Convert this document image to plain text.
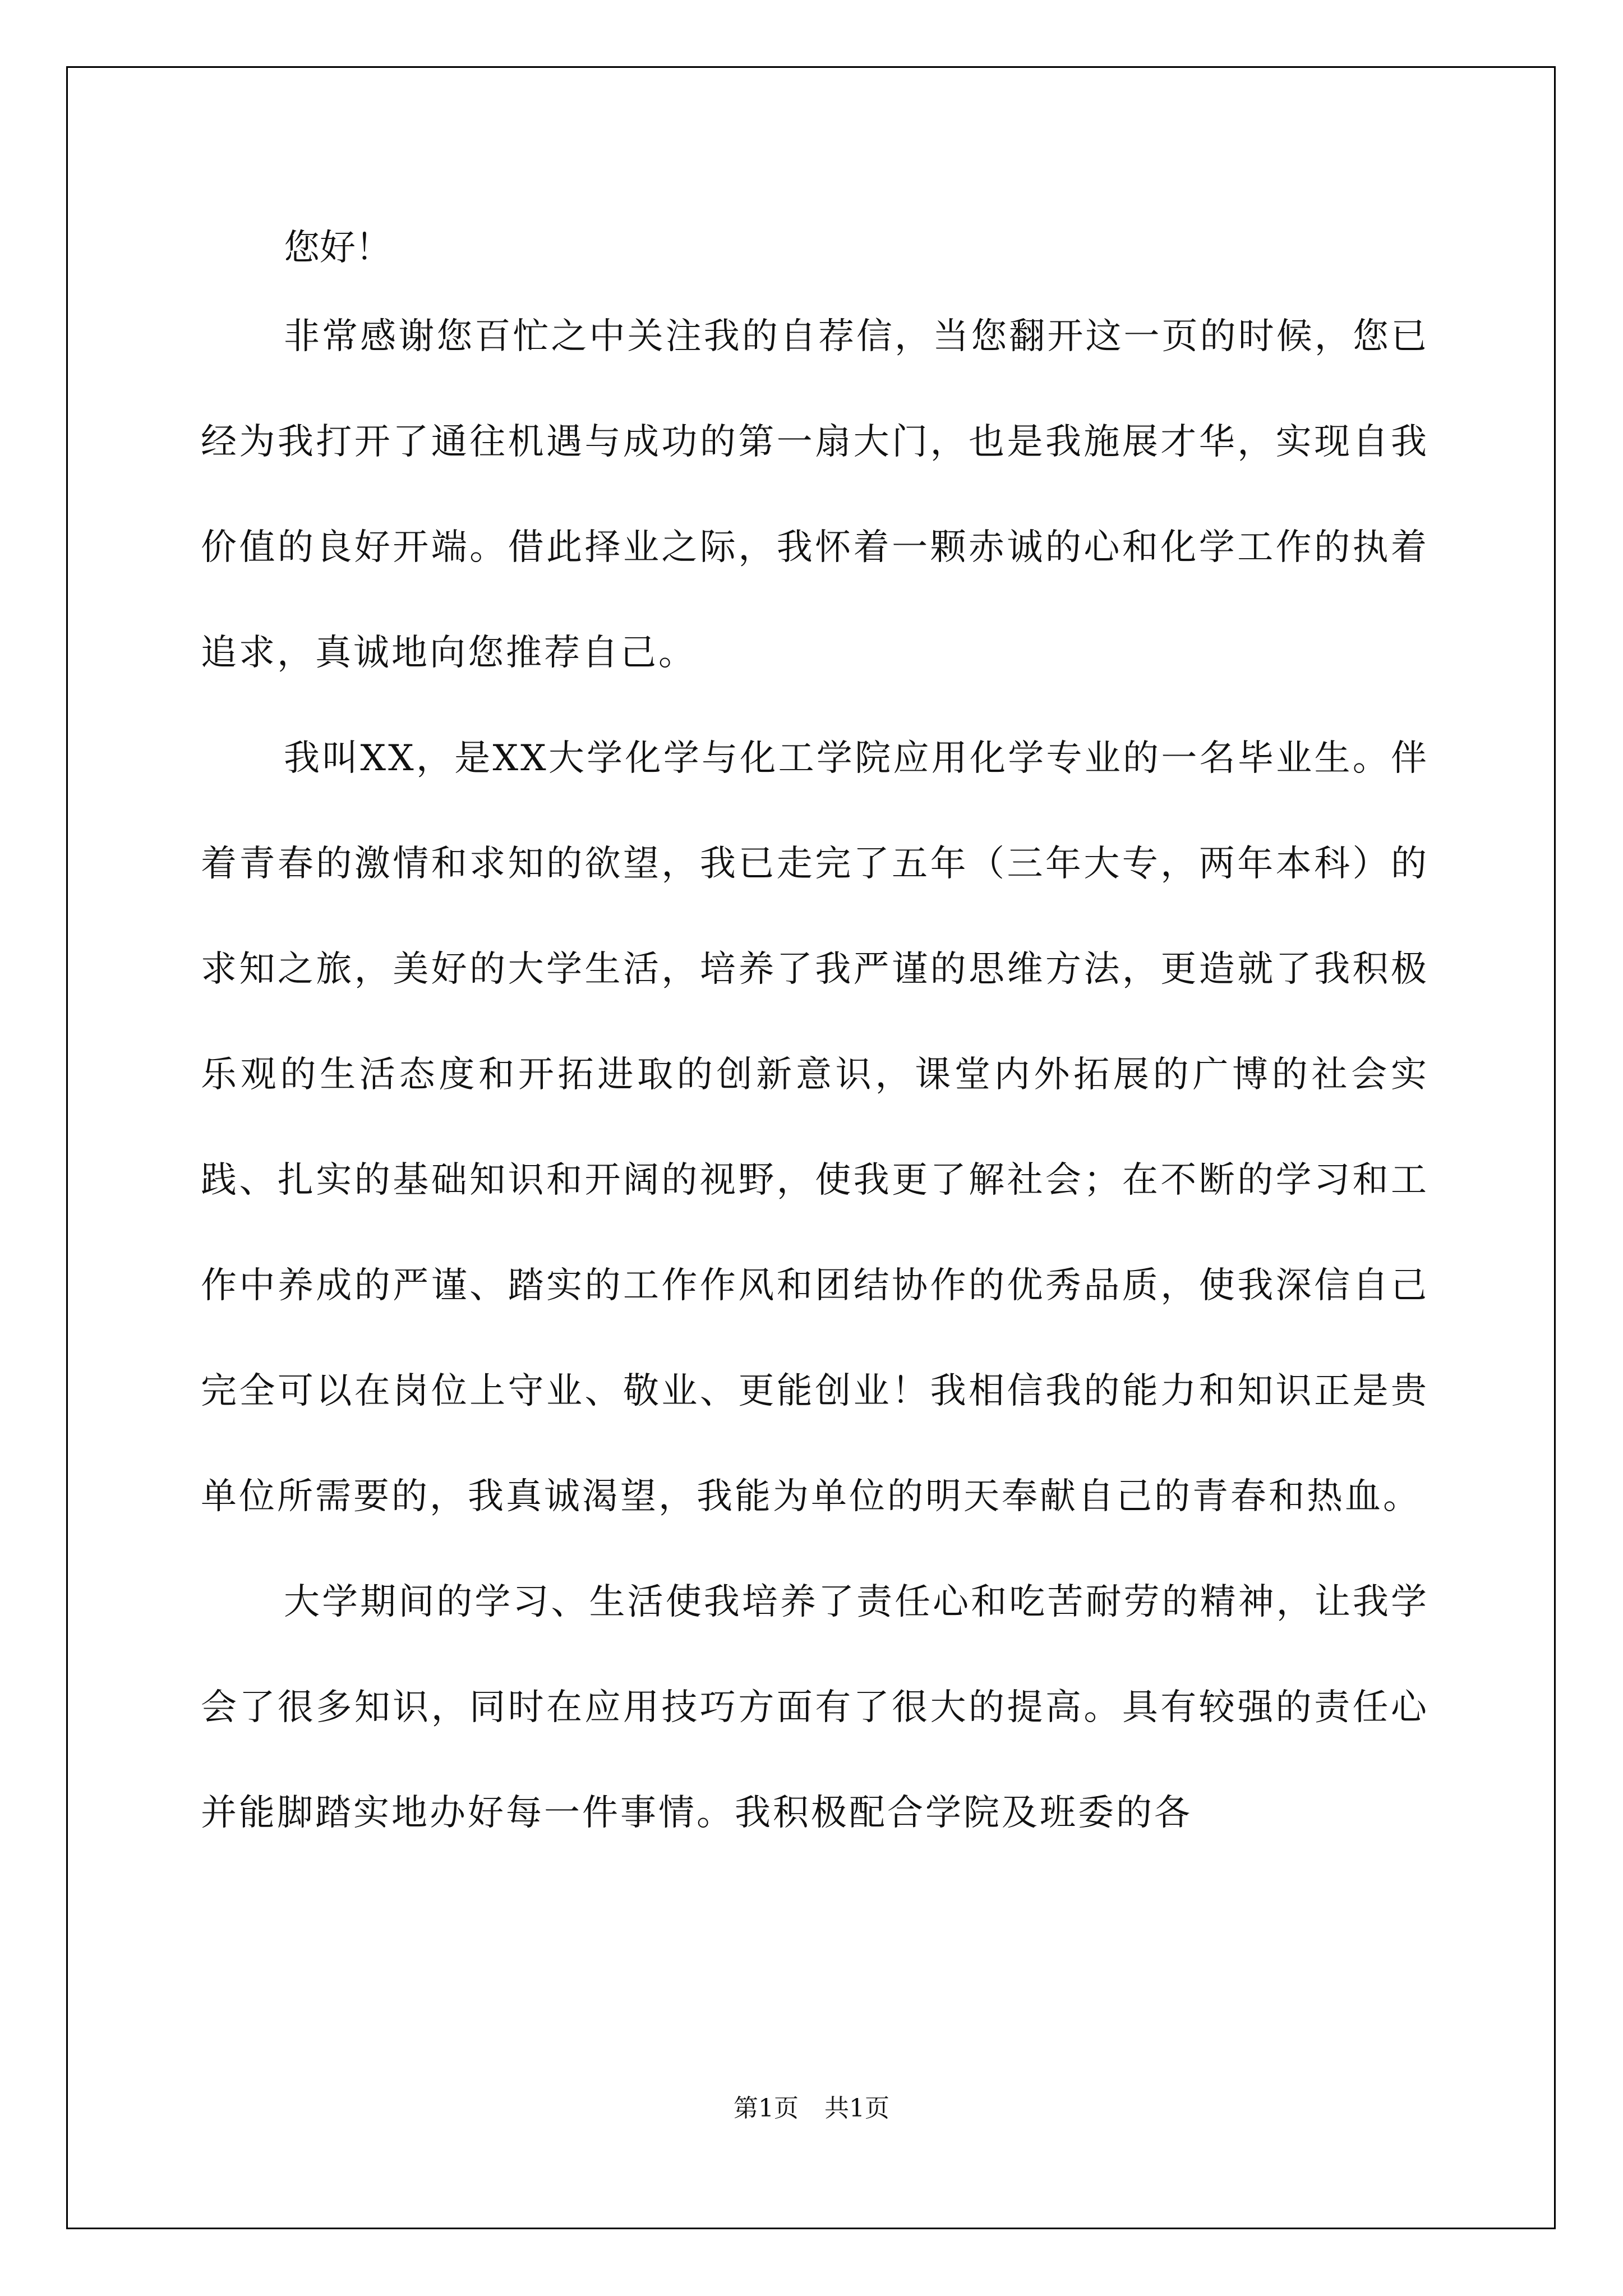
您好！

非常感谢您百忙之中关注我的自荐信，当您翻开这一页的时候，您已经为我打开了通往机遇与成功的第一扇大门，也是我施展才华，实现自我价值的良好开端。借此择业之际，我怀着一颗赤诚的心和化学工作的执着追求，真诚地向您推荐自己。

我叫XX，是XX大学化学与化工学院应用化学专业的一名毕业生。伴着青春的激情和求知的欲望，我已走完了五年（三年大专，两年本科）的求知之旅，美好的大学生活，培养了我严谨的思维方法，更造就了我积极乐观的生活态度和开拓进取的创新意识，课堂内外拓展的广博的社会实践、扎实的基础知识和开阔的视野，使我更了解社会；在不断的学习和工作中养成的严谨、踏实的工作作风和团结协作的优秀品质，使我深信自己完全可以在岗位上守业、敬业、更能创业！我相信我的能力和知识正是贵单位所需要的，我真诚渴望，我能为单位的明天奉献自己的青春和热血。

大学期间的学习、生活使我培养了责任心和吃苦耐劳的精神，让我学会了很多知识，同时在应用技巧方面有了很大的提高。具有较强的责任心并能脚踏实地办好每一件事情。我积极配合学院及班委的各

第1页 共1页
